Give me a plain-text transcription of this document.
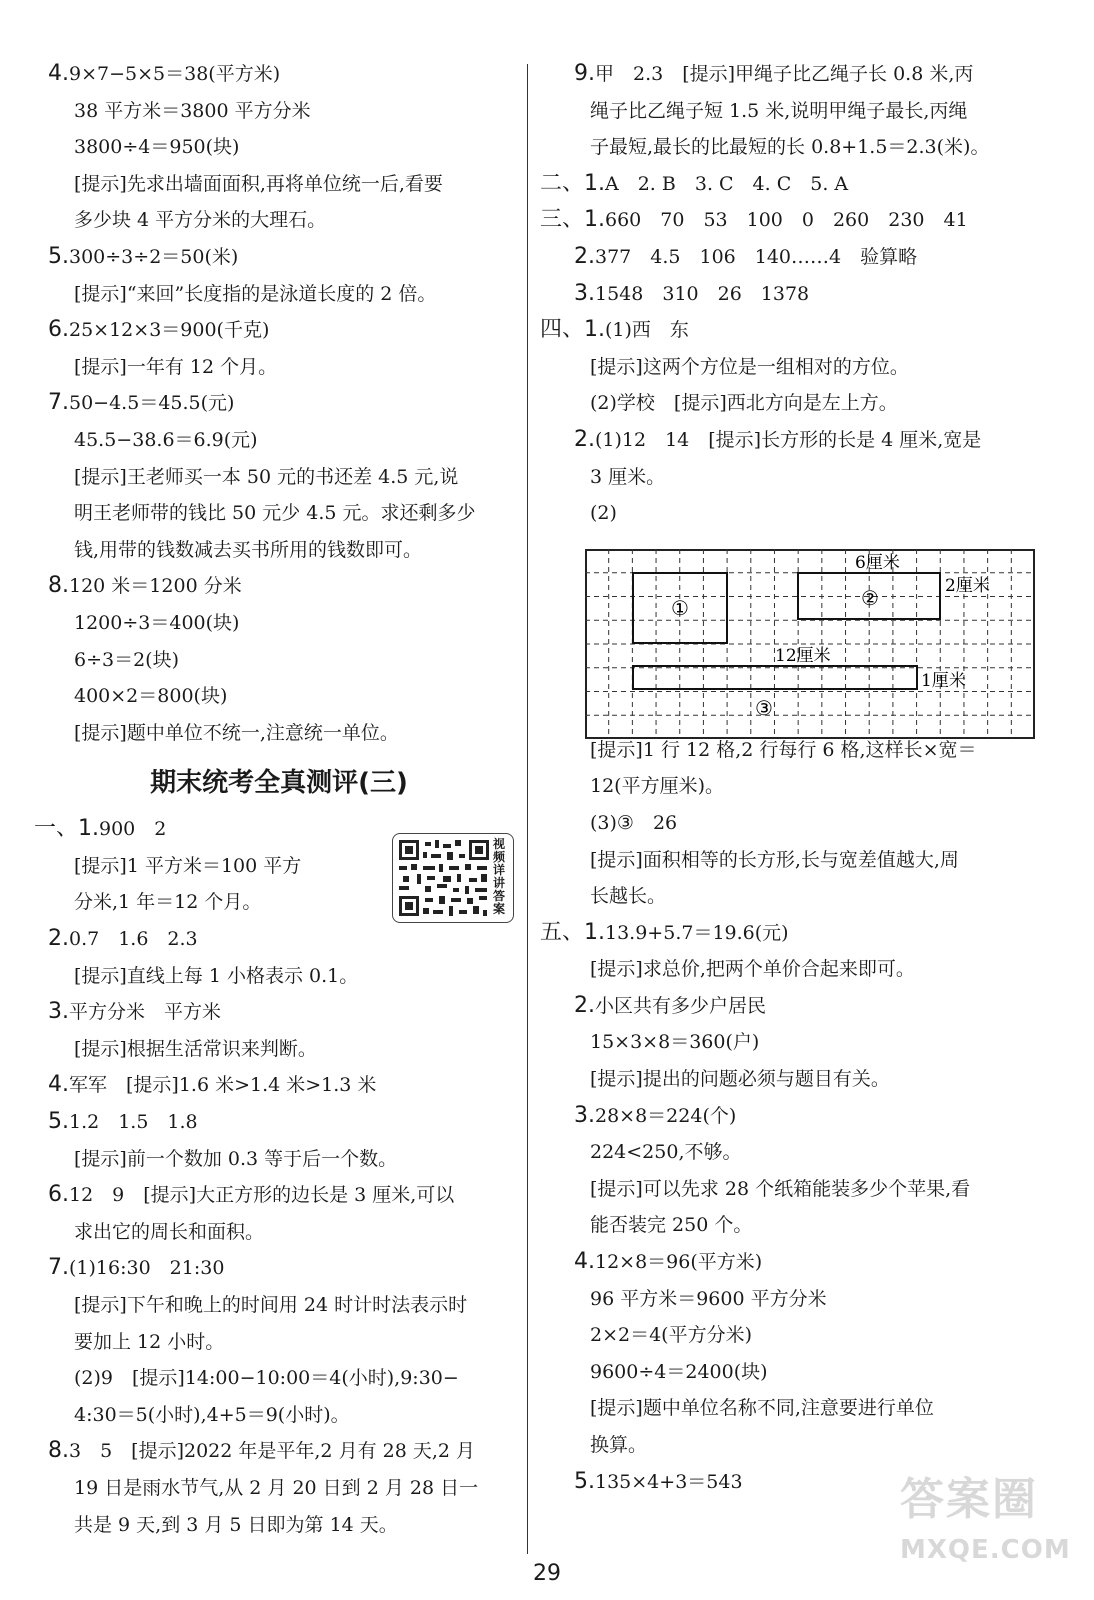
4.9×7−5×5＝38(平方米)
38 平方米＝3800 平方分米
3800÷4＝950(块)
[提示]先求出墙面面积,再将单位统一后,看要
多少块 4 平方分米的大理石。
5.300÷3÷2＝50(米)
[提示]“来回”长度指的是泳道长度的 2 倍。
6.25×12×3＝900(千克)
[提示]一年有 12 个月。
7.50−4.5＝45.5(元)
45.5−38.6＝6.9(元)
[提示]王老师买一本 50 元的书还差 4.5 元,说
明王老师带的钱比 50 元少 4.5 元。求还剩多少
钱,用带的钱数减去买书所用的钱数即可。
8.120 米＝1200 分米
1200÷3＝400(块)
6÷3＝2(块)
400×2＝800(块)
[提示]题中单位不统一,注意统一单位。
期末统考全真测评(三)
一、1.900　2
[提示]1 平方米＝100 平方
分米,1 年＝12 个月。
2.0.7　1.6　2.3
[提示]直线上每 1 小格表示 0.1。
3.平方分米　平方米
[提示]根据生活常识来判断。
4.军军　[提示]1.6 米>1.4 米>1.3 米
5.1.2　1.5　1.8
[提示]前一个数加 0.3 等于后一个数。
6.12　9　[提示]大正方形的边长是 3 厘米,可以
求出它的周长和面积。
7.(1)16:30　21:30
[提示]下午和晚上的时间用 24 时计时法表示时
要加上 12 小时。
(2)9　[提示]14:00−10:00＝4(小时),9:30−
4:30＝5(小时),4+5＝9(小时)。
8.3　5　[提示]2022 年是平年,2 月有 28 天,2 月
19 日是雨水节气,从 2 月 20 日到 2 月 28 日一
共是 9 天,到 3 月 5 日即为第 14 天。
9.甲　2.3　[提示]甲绳子比乙绳子长 0.8 米,丙
绳子比乙绳子短 1.5 米,说明甲绳子最长,丙绳
子最短,最长的比最短的长 0.8+1.5＝2.3(米)。
二、1.A　2. B　3. C　4. C　5. A
三、1.660　70　53　100　0　260　230　41
2.377　4.5　106　140……4　验算略
3.1548　310　26　1378
四、1.(1)西　东
[提示]这两个方位是一组相对的方位。
(2)学校　[提示]西北方向是左上方。
2.(1)12　14　[提示]长方形的长是 4 厘米,宽是
3 厘米。
(2)
[提示]1 行 12 格,2 行每行 6 格,这样长×宽＝
12(平方厘米)。
(3)③　26
[提示]面积相等的长方形,长与宽差值越大,周
长越长。
五、1.13.9+5.7＝19.6(元)
[提示]求总价,把两个单价合起来即可。
2.小区共有多少户居民
15×3×8＝360(户)
[提示]提出的问题必须与题目有关。
3.28×8＝224(个)
224<250,不够。
[提示]可以先求 28 个纸箱能装多少个苹果,看
能否装完 250 个。
4.12×8＝96(平方米)
96 平方米＝9600 平方分米
2×2＝4(平方分米)
9600÷4＝2400(块)
[提示]题中单位名称不同,注意要进行单位
换算。
5.135×4+3＝543
视频详讲答案
①	②
③
6厘米
2厘米
12厘米
1厘米
29
答案圈
MXQE.COM
